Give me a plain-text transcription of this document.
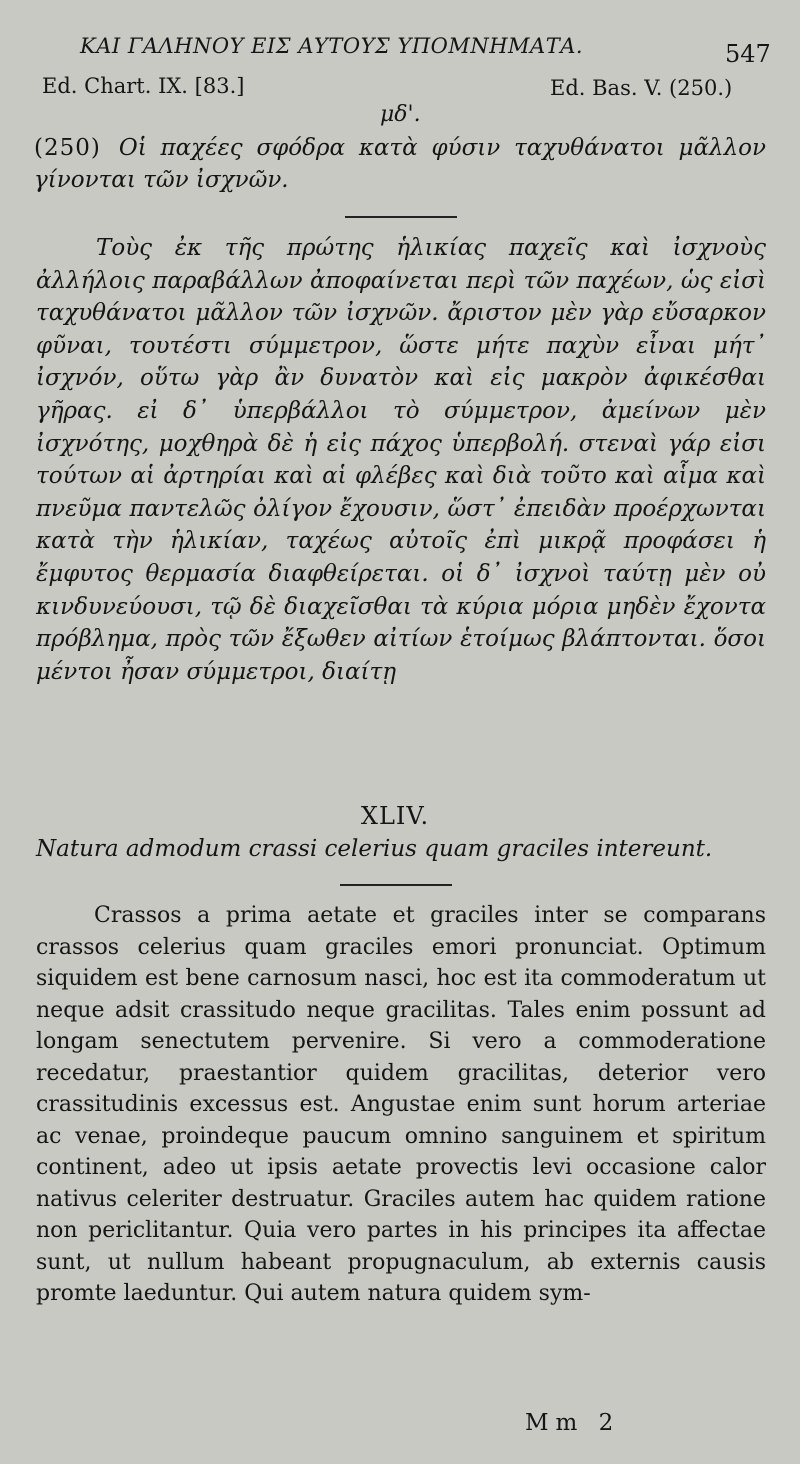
ΚΑΙ ΓΑΛΗΝΟΥ ΕΙΣ ΑΥΤΟΥΣ ΥΠΟΜΝΗΜΑΤΑ.	547
Ed. Chart. IX. [83.]	Ed. Bas. V. (250.)
μδ'.
(250) Οἱ παχέες σφόδρα κατὰ φύσιν ταχυθάνατοι μᾶλλον γίνονται τῶν ἰσχνῶν.
Τοὺς ἐκ τῆς πρώτης ἡλικίας παχεῖς καὶ ἰσχνοὺς ἀλλήλοις παραβάλλων ἀποφαίνεται περὶ τῶν παχέων, ὡς εἰσὶ ταχυθάνατοι μᾶλλον τῶν ἰσχνῶν. ἄριστον μὲν γὰρ εὔσαρκον φῦναι, τουτέστι σύμμετρον, ὥστε μήτε παχὺν εἶναι μήτ᾽ ἰσχνόν, οὕτω γὰρ ἂν δυνατὸν καὶ εἰς μακρὸν ἀφικέσθαι γῆρας. εἰ δ᾽ ὑπερβάλλοι τὸ σύμμετρον, ἀμείνων μὲν ἰσχνότης, μοχθηρὰ δὲ ἡ εἰς πάχος ὑπερβολή. στεναὶ γάρ εἰσι τούτων αἱ ἀρτηρίαι καὶ αἱ φλέβες καὶ διὰ τοῦτο καὶ αἷμα καὶ πνεῦμα παντελῶς ὀλίγον ἔχουσιν, ὥστ᾽ ἐπειδὰν προέρχωνται κατὰ τὴν ἡλικίαν, ταχέως αὐτοῖς ἐπὶ μικρᾷ προφάσει ἡ ἔμφυτος θερμασία διαφθείρεται. οἱ δ᾽ ἰσχνοὶ ταύτῃ μὲν οὐ κινδυνεύουσι, τῷ δὲ διαχεῖσθαι τὰ κύρια μόρια μηδὲν ἔχοντα πρόβλημα, πρὸς τῶν ἔξωθεν αἰτίων ἑτοίμως βλάπτονται. ὅσοι μέντοι ἦσαν σύμμετροι, διαίτῃ
XLIV.
Natura admodum crassi celerius quam graciles intereunt.
Crassos a prima aetate et graciles inter se comparans crassos celerius quam graciles emori pronunciat. Optimum siquidem est bene carnosum nasci, hoc est ita commoderatum ut neque adsit crassitudo neque gracilitas. Tales enim possunt ad longam senectutem pervenire. Si vero a commoderatione recedatur, praestantior quidem gracilitas, deterior vero crassitudinis excessus est. Angustae enim sunt horum arteriae ac venae, proindeque paucum omnino sanguinem et spiritum continent, adeo ut ipsis aetate provectis levi occasione calor nativus celeriter destruatur. Graciles autem hac quidem ratione non periclitantur. Quia vero partes in his principes ita affectae sunt, ut nullum habeant propugnaculum, ab externis causis promte laeduntur. Qui autem natura quidem sym-
Mm 2
